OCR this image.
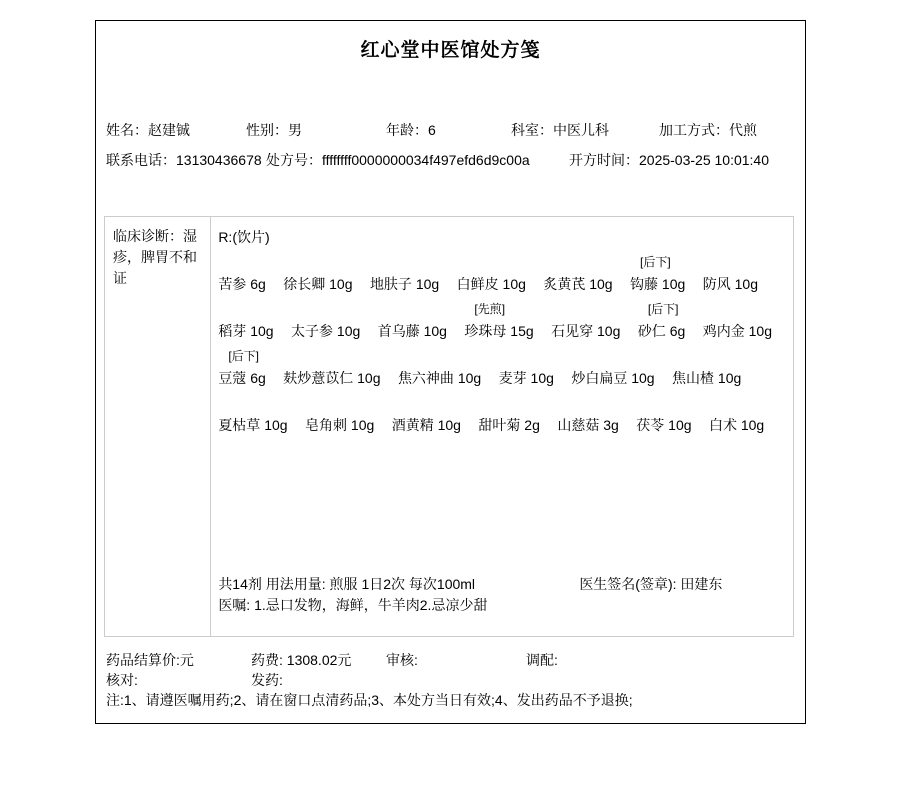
红心堂中医馆处方笺
姓名：赵建铖	性别：男	年龄：6	科室：中医儿科	加工方式：代煎
联系电话：13130436678 处方号：ffffffff0000000034f497efd6d9c00a	开方时间：2025-03-25 10:01:40
临床诊断：湿疹，脾胃不和证
R:(饮片)
苦参 6g
徐长卿 10g
地肤子 10g
白鲜皮 10g
炙黄芪 10g

[后下]
钩藤 10g
防风 10g
稻芽 10g
太子参 10g
首乌藤 10g

[先煎]
珍珠母 15g
石见穿 10g

[后下]
砂仁 6g
鸡内金 10g
[后下]
豆蔻 6g
麸炒薏苡仁 10g
焦六神曲 10g
麦芽 10g
炒白扁豆 10g
焦山楂 10g
夏枯草 10g
皂角刺 10g
酒黄精 10g
甜叶菊 2g
山慈菇 3g
茯苓 10g
白术 10g
共14剂 用法用量: 煎服 1日2次 每次100ml	医生签名(签章): 田建东
医嘱: 1.忌口发物，海鲜，牛羊肉2.忌凉少甜
药品结算价:元	药费: 1308.02元 审核:	调配:
核对:	发药:
注:1、请遵医嘱用药;2、请在窗口点清药品;3、本处方当日有效;4、发出药品不予退换;
